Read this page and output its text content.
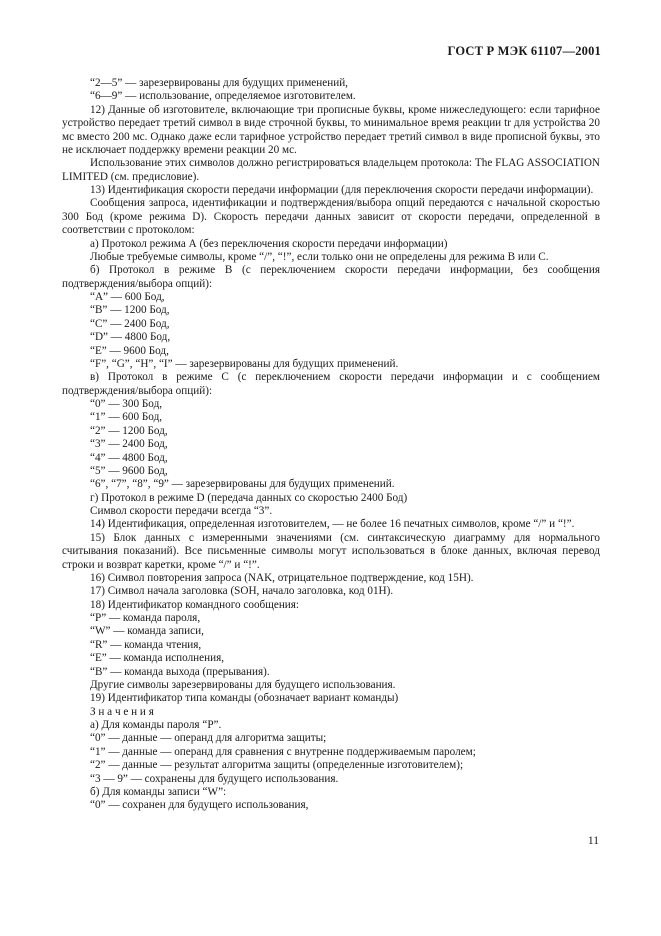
ГОСТ Р МЭК 61107—2001

“2—5” — зарезервированы для будущих применений,

“6—9” — использование, определяемое изготовителем.

12) Данные об изготовителе, включающие три прописные буквы, кроме нижеследующего: если тарифное устройство передает третий символ в виде строчной буквы, то минимальное время реакции tr для устройства 20 мс вместо 200 мс. Однако даже если тарифное устройство передает третий символ в виде прописной буквы, это не исключает поддержку времени реакции 20 мс.

Использование этих символов должно регистрироваться владельцем протокола: The FLAG ASSOCIATION LIMITED (см. предисловие).

13) Идентификация скорости передачи информации (для переключения скорости передачи информации).

Сообщения запроса, идентификации и подтверждения/выбора опций передаются с начальной скоростью 300 Бод (кроме режима D). Скорость передачи данных зависит от скорости передачи, определенной в соответствии с протоколом:

а) Протокол режима А (без переключения скорости передачи информации)

Любые требуемые символы, кроме “/”, “!”, если только они не определены для режима В или С.

б) Протокол в режиме В (с переключением скорости передачи информации, без сообщения подтверждения/выбора опций):

“А” — 600 Бод,

“В” — 1200 Бод,

“С” — 2400 Бод,

“D” — 4800 Бод,

“Е” — 9600 Бод,

“F”, “G”, “H”, “I” — зарезервированы для будущих применений.

в) Протокол в режиме С (с переключением скорости передачи информации и с сообщением подтверждения/выбора опций):

“0” — 300 Бод,

“1” — 600 Бод,

“2” — 1200 Бод,

“3” — 2400 Бод,

“4” — 4800 Бод,

“5” — 9600 Бод,

“6”, “7”, “8”, “9” — зарезервированы для будущих применений.

г) Протокол в режиме D (передача данных со скоростью 2400 Бод)

Символ скорости передачи всегда “3”.

14) Идентификация, определенная изготовителем, — не более 16 печатных символов, кроме “/” и “!”.

15) Блок данных с измеренными значениями (см. синтаксическую диаграмму для нормального считывания показаний). Все письменные символы могут использоваться в блоке данных, включая перевод строки и возврат каретки, кроме “/” и “!”.

16) Символ повторения запроса (NAK, отрицательное подтверждение, код 15Н).

17) Символ начала заголовка (SOH, начало заголовка, код 01Н).

18) Идентификатор командного сообщения:

“Р” — команда пароля,

“W” — команда записи,

“R” — команда чтения,

“Е” — команда исполнения,

“В” — команда выхода (прерывания).

Другие символы зарезервированы для будущего использования.

19) Идентификатор типа команды (обозначает вариант команды)

З н а ч е н и я

а) Для команды пароля “Р”.

“0” — данные — операнд для алгоритма защиты;

“1” — данные — операнд для сравнения с внутренне поддерживаемым паролем;

“2” — данные — результат алгоритма защиты (определенные изготовителем);

“3 — 9” — сохранены для будущего использования.

б) Для команды записи “W”:

“0” — сохранен для будущего использования,

11
